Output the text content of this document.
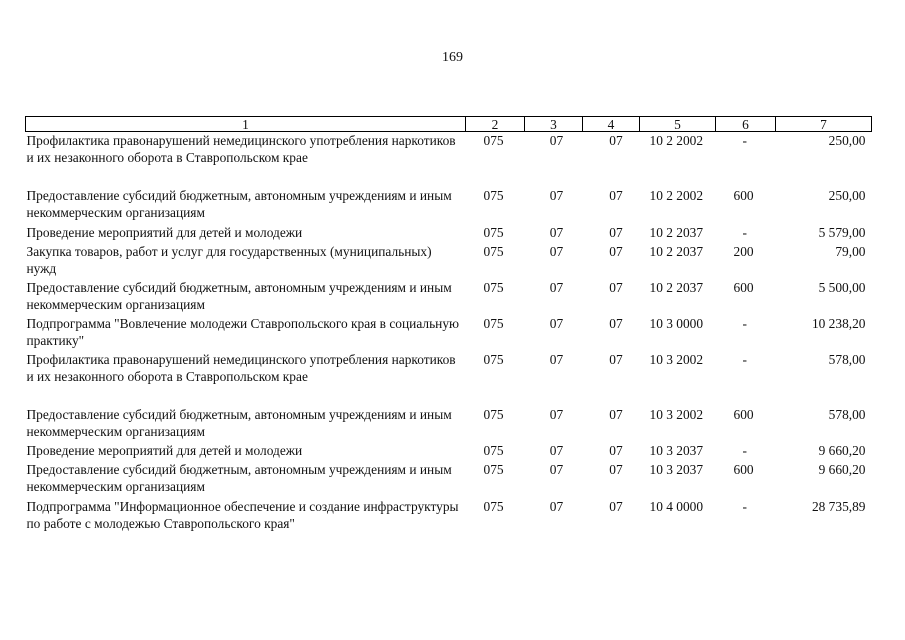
169
1	2	3	4	5	6	7
Профилактика правонарушений немедицинского употребления наркотиков и их незаконного оборота в Ставропольском крае	075	07	07	10 2 2002	-	250,00
Предоставление субсидий бюджетным, автономным учреждениям и иным некоммерческим организациям	075	07	07	10 2 2002	600	250,00
Проведение мероприятий для детей и молодежи	075	07	07	10 2 2037	-	5 579,00
Закупка товаров, работ и услуг для государственных (муниципальных) нужд	075	07	07	10 2 2037	200	79,00
Предоставление субсидий бюджетным, автономным учреждениям и иным некоммерческим организациям	075	07	07	10 2 2037	600	5 500,00
Подпрограмма "Вовлечение молодежи Ставропольского края в социальную практику"	075	07	07	10 3 0000	-	10 238,20
Профилактика правонарушений немедицинского употребления наркотиков и их незаконного оборота в Ставропольском крае	075	07	07	10 3 2002	-	578,00
Предоставление субсидий бюджетным, автономным учреждениям и иным некоммерческим организациям	075	07	07	10 3 2002	600	578,00
Проведение мероприятий для детей и молодежи	075	07	07	10 3 2037	-	9 660,20
Предоставление субсидий бюджетным, автономным учреждениям и иным некоммерческим организациям	075	07	07	10 3 2037	600	9 660,20
Подпрограмма "Информационное обеспечение и создание инфраструктуры по работе с молодежью Ставропольского края"	075	07	07	10 4 0000	-	28 735,89
